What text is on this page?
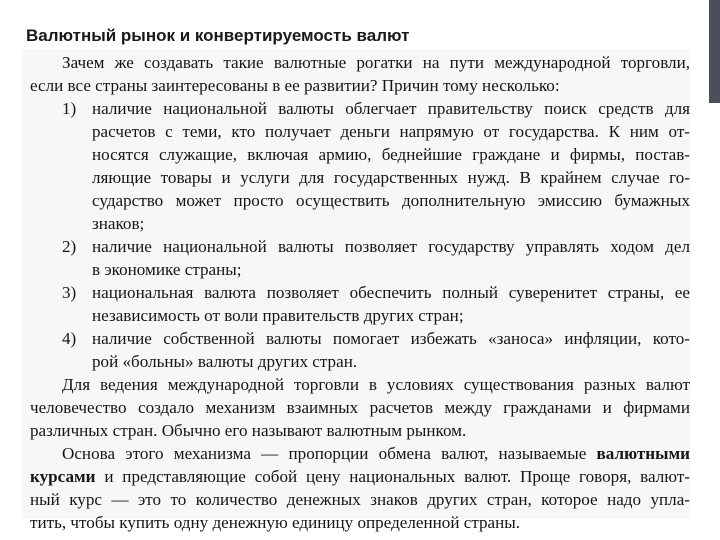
Валютный рынок и конвертируемость валют
Зачем же создавать такие валютные рогатки на пути международной торговли,
если все страны заинтересованы в ее развитии? Причин тому несколько:
1) наличие национальной валюты облегчает правительству поиск средств для
расчетов с теми, кто получает деньги напрямую от государства. К ним от-
носятся служащие, включая армию, беднейшие граждане и фирмы, постав-
ляющие товары и услуги для государственных нужд. В крайнем случае го-
сударство может просто осуществить дополнительную эмиссию бумажных
знаков;
2) наличие национальной валюты позволяет государству управлять ходом дел
в экономике страны;
3) национальная валюта позволяет обеспечить полный суверенитет страны, ее
независимость от воли правительств других стран;
4) наличие собственной валюты помогает избежать «заноса» инфляции, кото-
рой «больны» валюты других стран.
Для ведения международной торговли в условиях существования разных валют
человечество создало механизм взаимных расчетов между гражданами и фирмами
различных стран. Обычно его называют валютным рынком.
Основа этого механизма — пропорции обмена валют, называемые валютными
курсами и представляющие собой цену национальных валют. Проще говоря, валют-
ный курс — это то количество денежных знаков других стран, которое надо упла-
тить, чтобы купить одну денежную единицу определенной страны.
